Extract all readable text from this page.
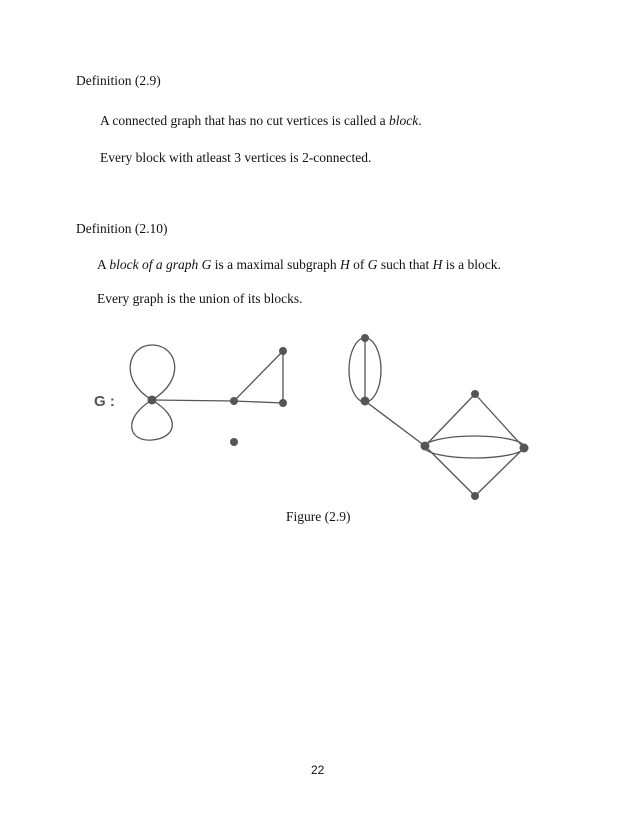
Definition (2.9)
A connected graph that has no cut vertices is called a block.
Every block with atleast 3 vertices is 2-connected.
Definition (2.10)
A block of a graph G is a maximal subgraph H of G such that H is a block.
Every graph is the union of its blocks.
G :
Figure (2.9)
22
